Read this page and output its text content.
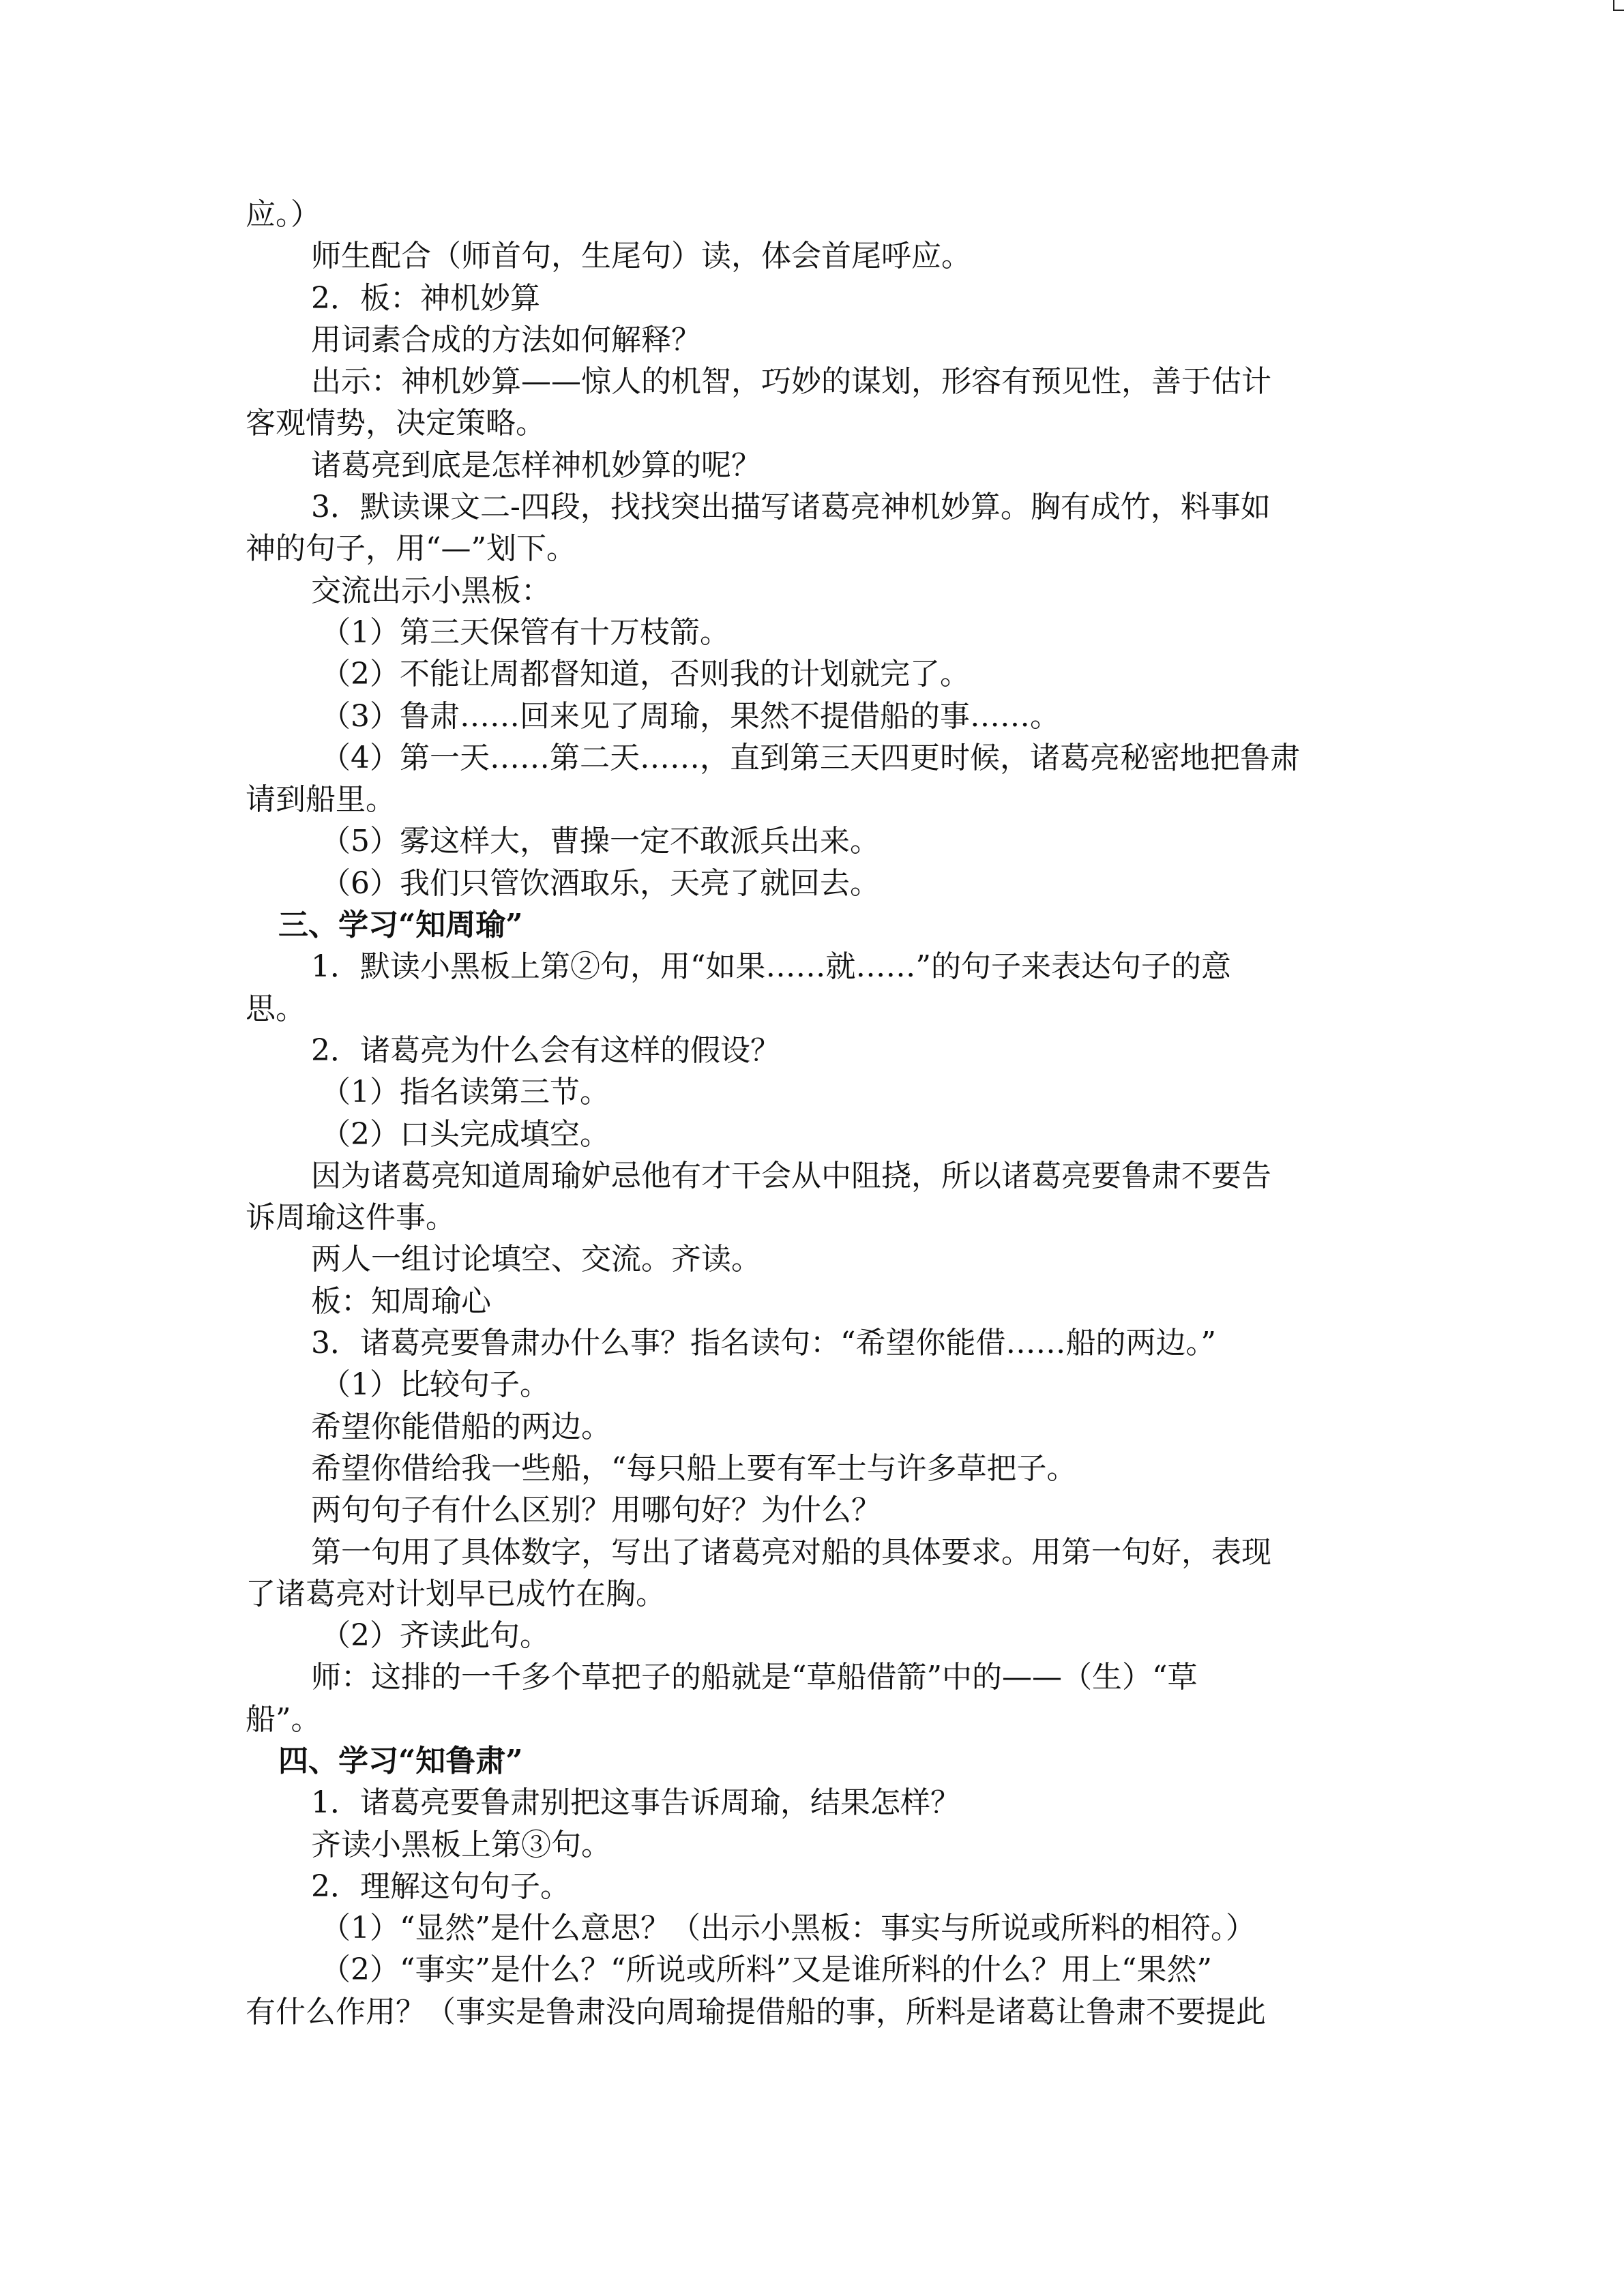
应。）
师生配合（师首句，生尾句）读，体会首尾呼应。
2．板：神机妙算
用词素合成的方法如何解释？
出示：神机妙算——惊人的机智，巧妙的谋划，形容有预见性，善于估计
客观情势，决定策略。
诸葛亮到底是怎样神机妙算的呢？
3．默读课文二-四段，找找突出描写诸葛亮神机妙算。胸有成竹，料事如
神的句子，用“—”划下。
交流出示小黑板：
（1）第三天保管有十万枝箭。
（2）不能让周都督知道，否则我的计划就完了。
（3）鲁肃……回来见了周瑜，果然不提借船的事……。
（4）第一天……第二天……，直到第三天四更时候，诸葛亮秘密地把鲁肃
请到船里。
（5）雾这样大，曹操一定不敢派兵出来。
（6）我们只管饮酒取乐，天亮了就回去。
三、学习“知周瑜”
1．默读小黑板上第②句，用“如果……就……”的句子来表达句子的意
思。
2．诸葛亮为什么会有这样的假设？
（1）指名读第三节。
（2）口头完成填空。
因为诸葛亮知道周瑜妒忌他有才干会从中阻挠，所以诸葛亮要鲁肃不要告
诉周瑜这件事。
两人一组讨论填空、交流。齐读。
板：知周瑜心
3．诸葛亮要鲁肃办什么事？指名读句：“希望你能借……船的两边。”
（1）比较句子。
希望你能借船的两边。
希望你借给我一些船，“每只船上要有军士与许多草把子。
两句句子有什么区别？用哪句好？为什么？
第一句用了具体数字，写出了诸葛亮对船的具体要求。用第一句好，表现
了诸葛亮对计划早已成竹在胸。
（2）齐读此句。
师：这排的一千多个草把子的船就是“草船借箭”中的——（生）“草
船”。
四、学习“知鲁肃”
1．诸葛亮要鲁肃别把这事告诉周瑜，结果怎样？
齐读小黑板上第③句。
2．理解这句句子。
（1）“显然”是什么意思？（出示小黑板：事实与所说或所料的相符。）
（2）“事实”是什么？“所说或所料”又是谁所料的什么？用上“果然”
有什么作用？（事实是鲁肃没向周瑜提借船的事，所料是诸葛让鲁肃不要提此
